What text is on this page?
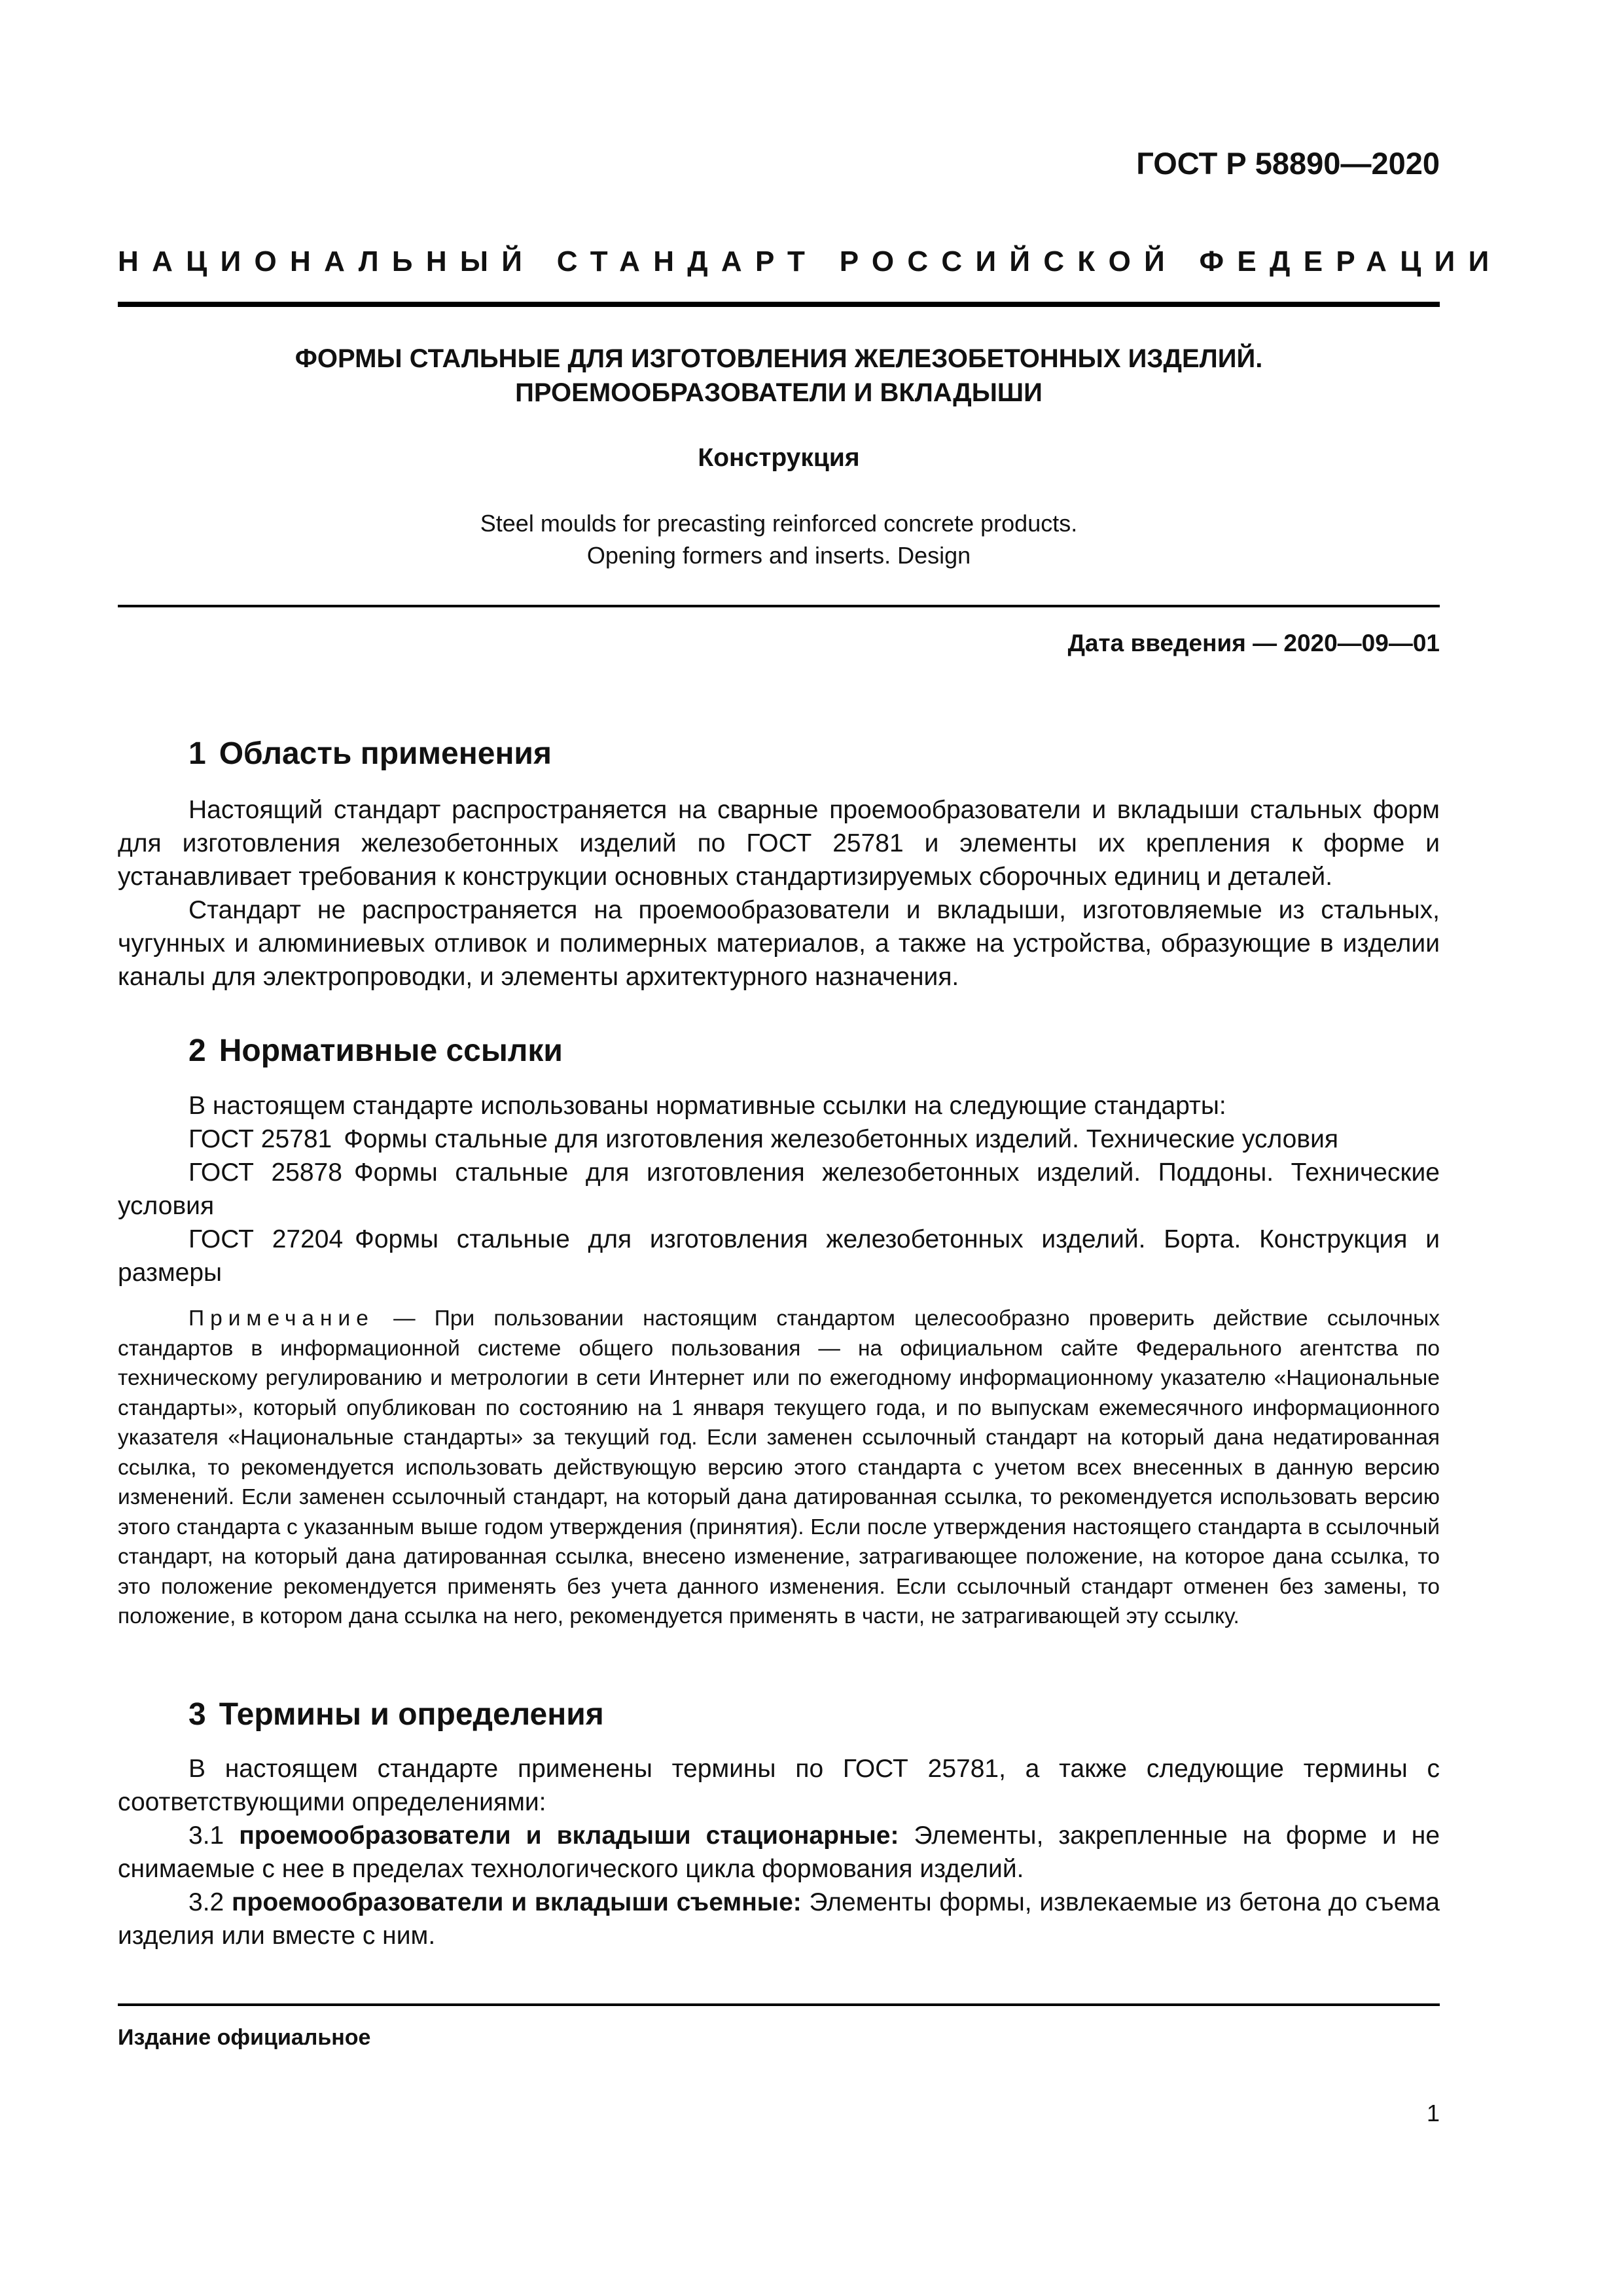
ГОСТ Р 58890—2020
НАЦИОНАЛЬНЫЙ СТАНДАРТ РОССИЙСКОЙ ФЕДЕРАЦИИ
ФОРМЫ СТАЛЬНЫЕ ДЛЯ ИЗГОТОВЛЕНИЯ ЖЕЛЕЗОБЕТОННЫХ ИЗДЕЛИЙ.
ПРОЕМООБРАЗОВАТЕЛИ И ВКЛАДЫШИ
Конструкция
Steel moulds for precasting reinforced concrete products.
Opening formers and inserts. Design
Дата введения — 2020—09—01
1 Область применения

Настоящий стандарт распространяется на сварные проемообразователи и вкладыши стальных форм для изготовления железобетонных изделий по ГОСТ 25781 и элементы их крепления к форме и устанавливает требования к конструкции основных стандартизируемых сборочных единиц и деталей.

Стандарт не распространяется на проемообразователи и вкладыши, изготовляемые из стальных, чугунных и алюминиевых отливок и полимерных материалов, а также на устройства, образующие в изделии каналы для электропроводки, и элементы архитектурного назначения.

2 Нормативные ссылки

В настоящем стандарте использованы нормативные ссылки на следующие стандарты:

ГОСТ 25781 Формы стальные для изготовления железобетонных изделий. Технические условия

ГОСТ 25878 Формы стальные для изготовления железобетонных изделий. Поддоны. Технические условия

ГОСТ 27204 Формы стальные для изготовления железобетонных изделий. Борта. Конструкция и размеры

Примечание — При пользовании настоящим стандартом целесообразно проверить действие ссылочных стандартов в информационной системе общего пользования — на официальном сайте Федерального агентства по техническому регулированию и метрологии в сети Интернет или по ежегодному информационному указателю «Национальные стандарты», который опубликован по состоянию на 1 января текущего года, и по выпускам ежемесячного информационного указателя «Национальные стандарты» за текущий год. Если заменен ссылочный стандарт на который дана недатированная ссылка, то рекомендуется использовать действующую версию этого стандарта с учетом всех внесенных в данную версию изменений. Если заменен ссылочный стандарт, на который дана датированная ссылка, то рекомендуется использовать версию этого стандарта с указанным выше годом утверждения (принятия). Если после утверждения настоящего стандарта в ссылочный стандарт, на который дана датированная ссылка, внесено изменение, затрагивающее положение, на которое дана ссылка, то это положение рекомендуется применять без учета данного изменения. Если ссылочный стандарт отменен без замены, то положение, в котором дана ссылка на него, рекомендуется применять в части, не затрагивающей эту ссылку.

3 Термины и определения

В настоящем стандарте применены термины по ГОСТ 25781, а также следующие термины с соответствующими определениями:

3.1 проемообразователи и вкладыши стационарные: Элементы, закрепленные на форме и не снимаемые с нее в пределах технологического цикла формования изделий.

3.2 проемообразователи и вкладыши съемные: Элементы формы, извлекаемые из бетона до съема изделия или вместе с ним.

Издание официальное
1
